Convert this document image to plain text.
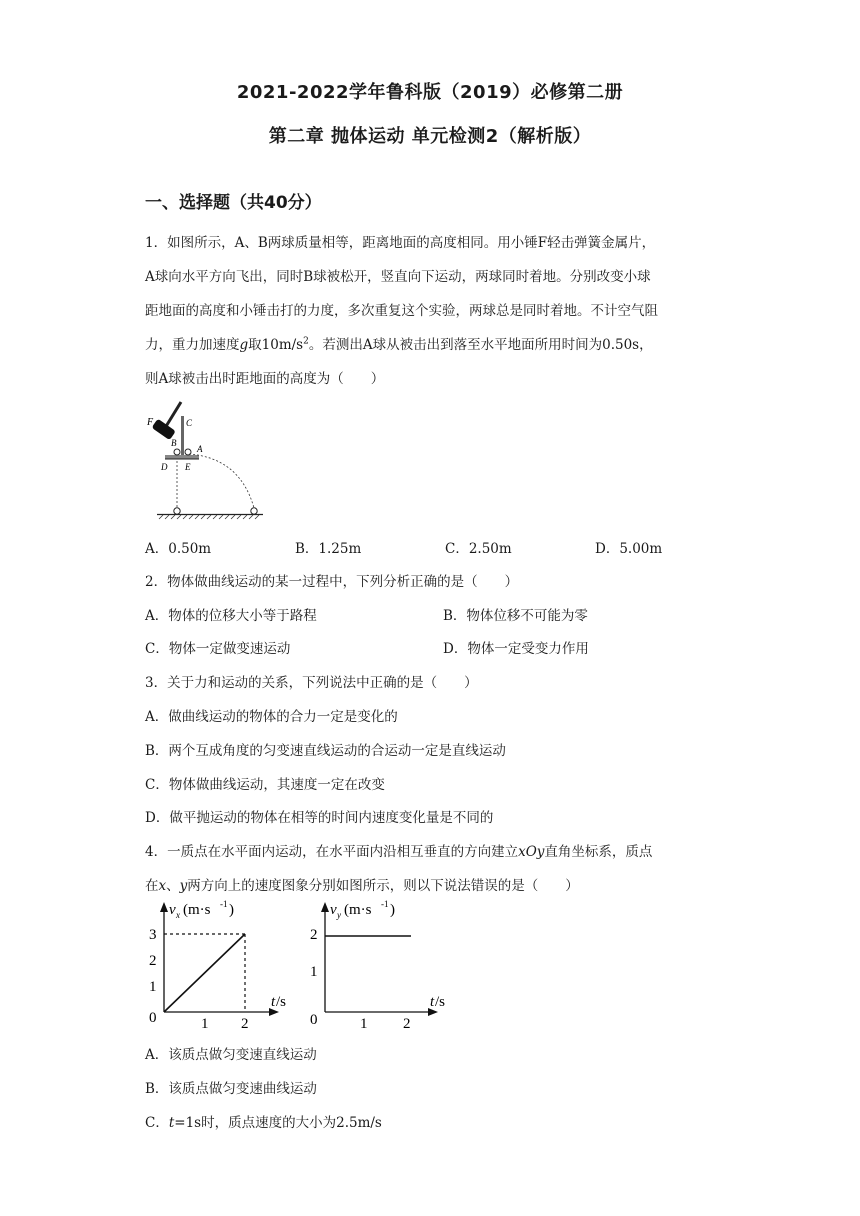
2021-2022学年鲁科版（2019）必修第二册
第二章 抛体运动 单元检测2（解析版）
一、选择题（共40分）
1．如图所示，A、B两球质量相等，距离地面的高度相同。用小锤F轻击弹簧金属片，
A球向水平方向飞出，同时B球被松开，竖直向下运动，两球同时着地。分别改变小球
距地面的高度和小锤击打的力度，多次重复这个实验，两球总是同时着地。不计空气阻
力，重力加速度g取$10m/s^2$。若测出A球从被击出到落至水平地面所用时间为0.50s，
则A球被击出时距地面的高度为（　　）
F	C
B
A
D E
A．0.50m	B．1.25m	C．2.50m	D．5.00m
2．物体做曲线运动的某一过程中，下列分析正确的是（　　）
A．物体的位移大小等于路程	B．物体位移不可能为零
C．物体一定做变速运动	D．物体一定受变力作用
3．关于力和运动的关系，下列说法中正确的是（　　）
A．做曲线运动的物体的合力一定是变化的
B．两个互成角度的匀变速直线运动的合运动一定是直线运动
C．物体做曲线运动，其速度一定在改变
D．做平抛运动的物体在相等的时间内速度变化量是不同的
4．一质点在水平面内运动，在水平面内沿相互垂直的方向建立xOy直角坐标系，质点
在x、y两方向上的速度图象分别如图所示，则以下说法错误的是（　　）
v x (m·s -1 )
3
2
1
0	1 2
t /s
v y (m·s -1 )
2
1
0	1 2
t /s
A．该质点做匀变速直线运动
B．该质点做匀变速曲线运动
C．t=1s时，质点速度的大小为2.5m/s
